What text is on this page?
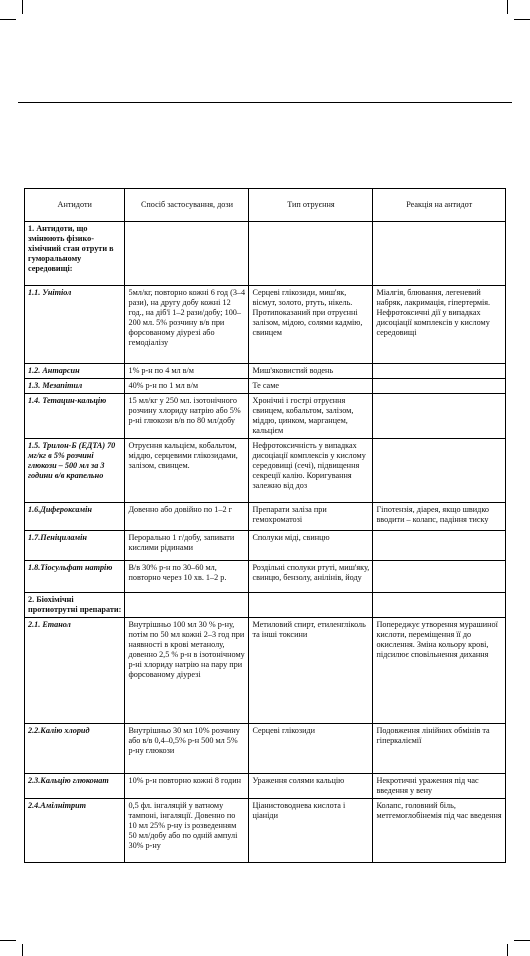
Антидоти	Спосіб застосування, дози	Тип отруєння	Реакція на антидот
1. Антидоти, що змінюють фізико-хімічний стан отрути в гуморальному середовищі:			
1.1. Унітіол	5мл/кг, повторно кожні 6 год (3–4 рази), на другу добу кожні 12 год., на діб'ї 1–2 рази/добу; 100–200 мл. 5% розчину в/в при форсованому діурезі або гемодіалізу	Серцеві глікозиди, миш'як, вісмут, золото, ртуть, нікель. Протипоказаний при отруєнні залізом, мідою, солями кадмію, свинцем	Міалгія, блювання, легеневий набряк, лакримація, гіпертермія. Нефротоксичні дії у випадках дисоціації комплексів у кислому середовищі
1.2. Антарсин	1% р-н по 4 мл в/м	Миш'яковистий водень	
1.3. Мезапітил	40% р-н по 1 мл в/м	Те саме	
1.4. Тетацин-кальцію	15 мл/кг у 250 мл. ізотонічного розчину хлориду натрію або 5% р-ні глюкози в/в по 80 мл/добу	Хронічні і гострі отруєння свинцем, кобальтом, залізом, міддю, цинком, марганцем, кальцієм	
1.5. Трилон-Б (ЕДТА) 70 мг/кг в 5% розчині глюкози – 500 мл за 3 години в/в крапельно	Отруєння кальцієм, кобальтом, міддю, серцевими глікозидами, залізом, свинцем.	Нефротоксичність у випадках дисоціації комплексів у кислому середовищі (сечі), підвищення секреції калію. Коригування залежно від доз	
1.6.Дифероксамін	Довенно або довійно по 1–2 г	Препарати заліза при гемохроматозі	Гіпотензія, діарея, якщо швидко вводити – колапс, падіння тиску
1.7.Пеніциламін	Перорально 1 г/добу, запивати кислими рідинами	Сполуки міді, свинцю	
1.8.Тіосульфат натрію	В/в 30% р-н по 30–60 мл, повторно через 10 хв. 1–2 р.	Роздільні сполуки ртуті, миш'яку, свинцю, бензолу, анілінів, йоду	
2. Біохімічні протиотрутні препарати:			
2.1. Етанол	Внутрішньо 100 мл 30 % р-ну, потім по 50 мл кожні 2–3 год при наявності в крові метанолу, довенно 2,5 % р-н в ізотонічному р-ні хлориду натрію на пару при форсованому діурезі	Метиловий спирт, етиленгліколь та інші токсини	Попереджує утворення мурашиної кислоти, переміщення її до окислення. Зміна кольору крові, підсилює сповільнення дихання
2.2.Калію хлорид	Внутрішньо 30 мл 10% розчину або в/в 0,4–0,5% р-н 500 мл 5% р-ну глюкози	Серцеві глікозиди	Подовження лінійних обмінів та гіперкаліємії
2.3.Кальцію глюконат	10% р-н повторно кожні 8 годин	Ураження солями кальцію	Некротичні ураження під час введення у вену
2.4.Амілнітрит	0,5 фл. інгаляцій у ватному тампоні, інгаляції. Довенно по 10 мл 25% р-ну із розведенням 50 мл/добу або по одній ампулі 30% р-ну	Ціанистоводнева кислота і ціаніди	Колапс, головний біль, метгемоглобінемія під час введення
